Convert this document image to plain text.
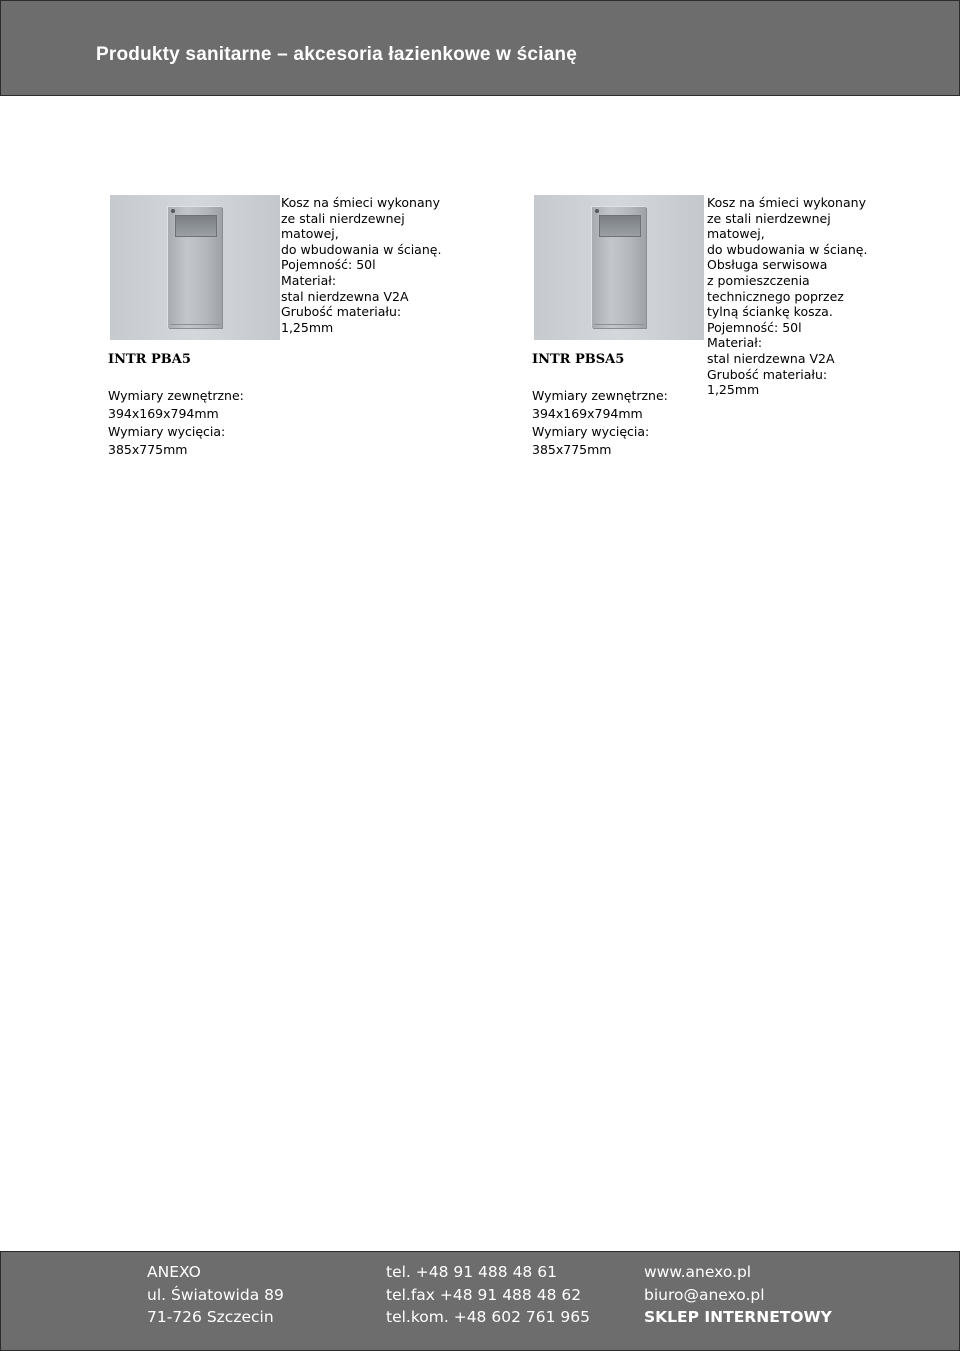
Produkty sanitarne – akcesoria łazienkowe w ścianę
Kosz na śmieci wykonany
ze stali nierdzewnej
matowej,
do wbudowania w ścianę.
Pojemność: 50l
Materiał:
stal nierdzewna V2A
Grubość materiału:
1,25mm
INTR PBA5
Wymiary zewnętrzne:
394x169x794mm
Wymiary wycięcia:
385x775mm
Kosz na śmieci wykonany
ze stali nierdzewnej
matowej,
do wbudowania w ścianę.
Obsługa serwisowa
z pomieszczenia
technicznego poprzez
tylną ściankę kosza.
Pojemność: 50l
Materiał:
stal nierdzewna V2A
Grubość materiału:
1,25mm
INTR PBSA5
Wymiary zewnętrzne:
394x169x794mm
Wymiary wycięcia:
385x775mm
ANEXO
ul. Światowida 89
71-726 Szczecin
tel. +48 91 488 48 61
tel.fax +48 91 488 48 62
tel.kom. +48 602 761 965
www.anexo.pl
biuro@anexo.pl
SKLEP INTERNETOWY
